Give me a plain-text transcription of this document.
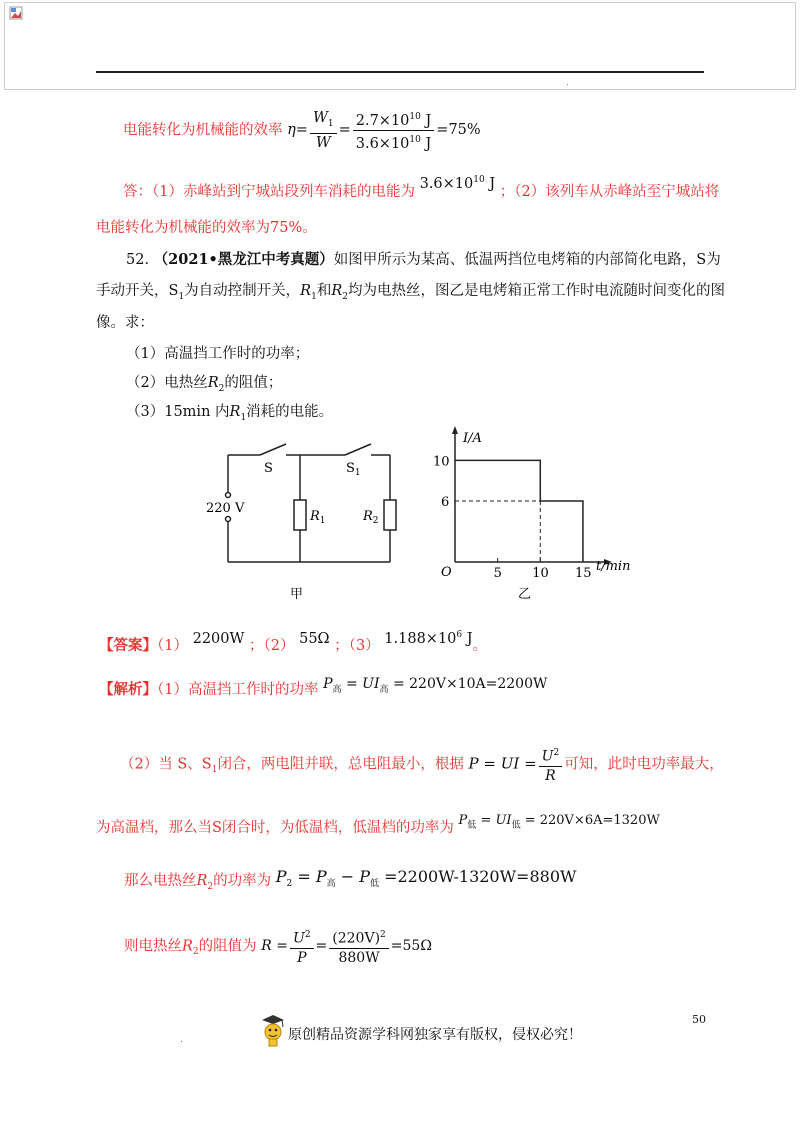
.
电能转化为机械能的效率 $\eta= \frac{W_1}{W} = \frac{2.7\times 10^{10} J}{3.6\times 10^{10} J} =75\%$
答：（1）赤峰站到宁城站段列车消耗的电能为 $3.6\times 10^{10}$ J ；（2）该列车从赤峰站至宁城站将
电能转化为机械能的效率为75%。
52. （2021•黑龙江中考真题）如图甲所示为某高、低温两挡位电烤箱的内部简化电路，S为
手动开关，$S_1$为自动控制开关，$R_1$和$R_2$均为电热丝，图乙是电烤箱正常工作时电流随时间变化的图
像。求：
（1）高温挡工作时的功率；
（2）电热丝$R_2$的阻值；
（3）15min 内$R_1$消耗的电能。
220 V
S	$S_1$
$R_1$	$R_2$
甲
I/A
t/min
O
10
6
5 10 15
乙
【答案】（1） 2200W ；（2） 55Ω ；（3） $1.188\times 10^6$ J。
【解析】（1）高温挡工作时的功率 $P_高 = UI_高 = 220V\times 10A=2200W$
（2）当 S、$S_1$闭合，两电阻并联，总电阻最小，根据 P = UI = $\frac{U^2}{R}$ 可知，此时电功率最大，
为高温档，那么当S闭合时，为低温档，低温档的功率为 $P_低 = UI_低 = 220V\times 6A=1320W$
那么电热丝$R_2$的功率为 $P_2 = P_高 - P_低 =2200W-1320W=880W$
则电热丝$R_2$的阻值为 $R = \frac{U^2}{P} = \frac{(220V)^2}{880W} =55\Omega$
50
.	原创精品资源学科网独家享有版权，侵权必究！
